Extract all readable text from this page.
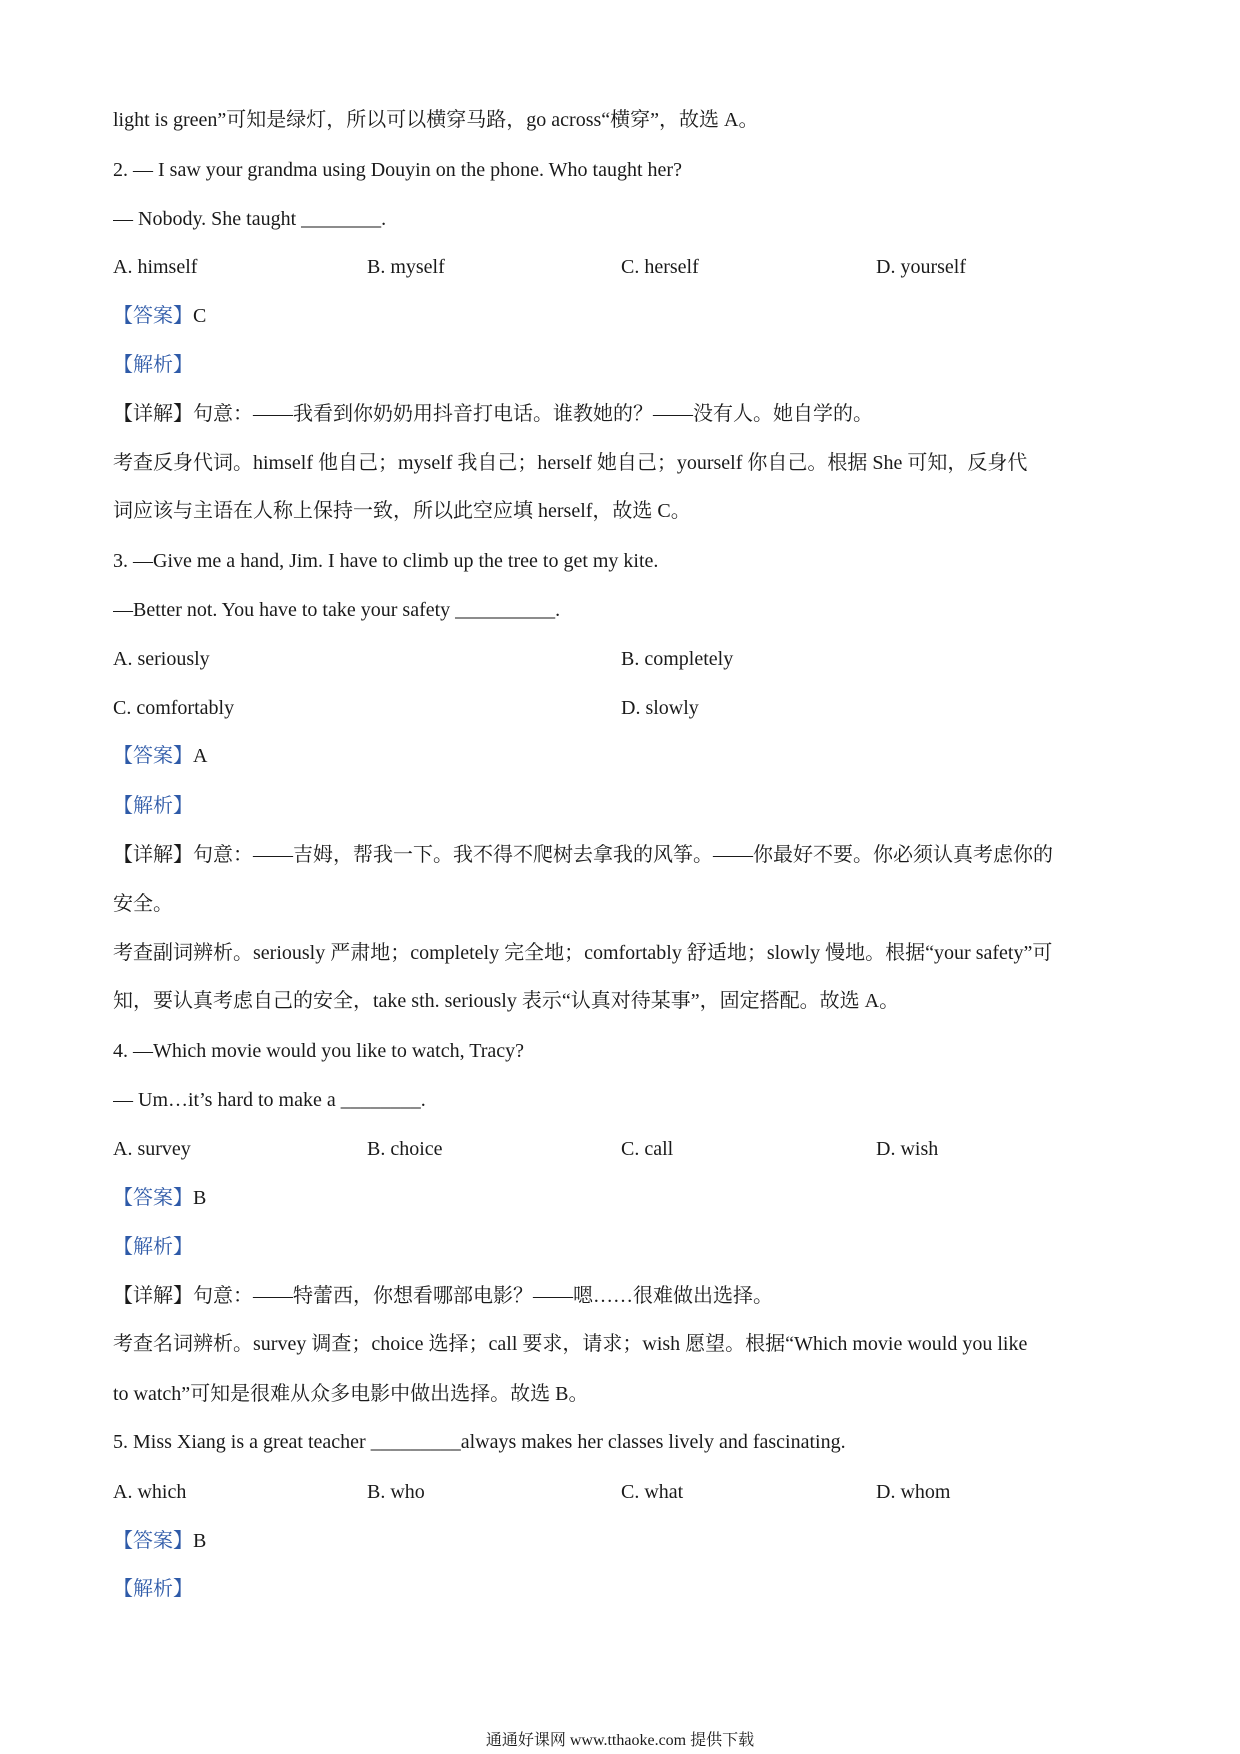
light is green”可知是绿灯，所以可以横穿马路，go across“横穿”，故选 A。
2. — I saw your grandma using Douyin on the phone. Who taught her?
— Nobody. She taught ________.
A. himself	B. myself	C. herself	D. yourself
【答案】C
【解析】
【详解】句意：——我看到你奶奶用抖音打电话。谁教她的？——没有人。她自学的。
考查反身代词。himself 他自己；myself 我自己；herself 她自己；yourself 你自己。根据 She 可知，反身代
词应该与主语在人称上保持一致，所以此空应填 herself，故选 C。
3. —Give me a hand, Jim. I have to climb up the tree to get my kite.
—Better not. You have to take your safety __________.
A. seriously	B. completely
C. comfortably	D. slowly
【答案】A
【解析】
【详解】句意：——吉姆，帮我一下。我不得不爬树去拿我的风筝。——你最好不要。你必须认真考虑你的
安全。
考查副词辨析。seriously 严肃地；completely 完全地；comfortably 舒适地；slowly 慢地。根据“your safety”可
知，要认真考虑自己的安全，take sth. seriously 表示“认真对待某事”，固定搭配。故选 A。
4. —Which movie would you like to watch, Tracy?
— Um…it’s hard to make a ________.
A. survey	B. choice	C. call	D. wish
【答案】B
【解析】
【详解】句意：——特蕾西，你想看哪部电影？——嗯……很难做出选择。
考查名词辨析。survey 调查；choice 选择；call 要求，请求；wish 愿望。根据“Which movie would you like
to watch”可知是很难从众多电影中做出选择。故选 B。
5. Miss Xiang is a great teacher _________always makes her classes lively and fascinating.
A. which	B. who	C. what	D. whom
【答案】B
【解析】
通通好课网 www.tthaoke.com 提供下载
